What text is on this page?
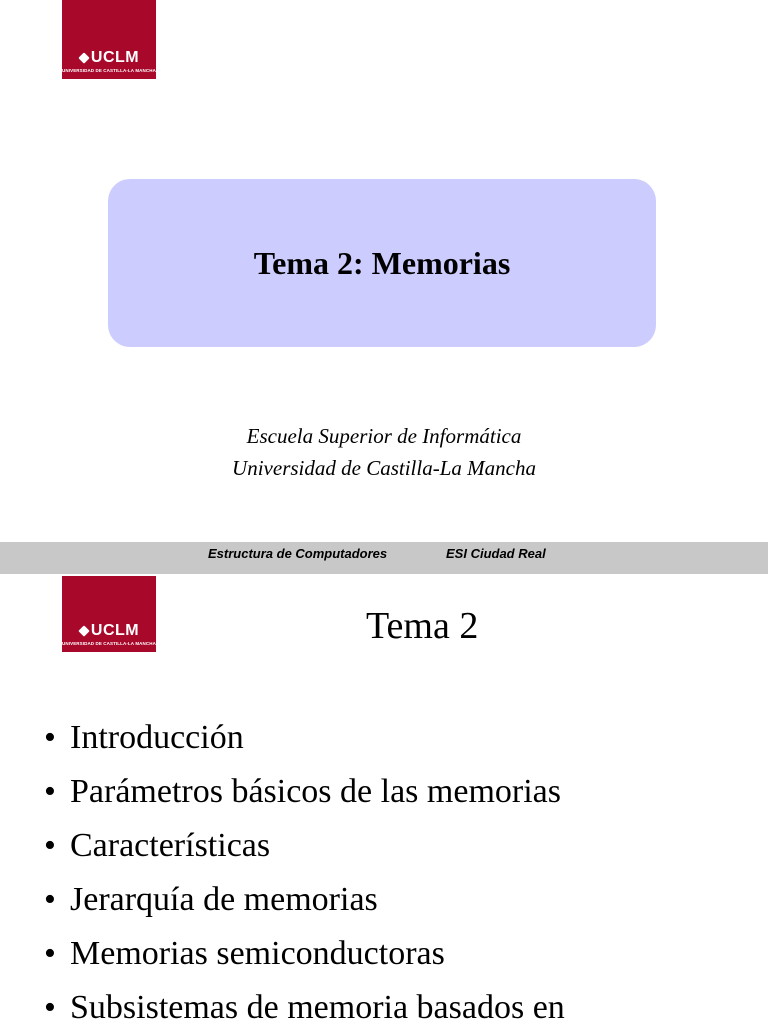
UCLM
UNIVERSIDAD DE CASTILLA-LA MANCHA
Tema 2: Memorias
Escuela Superior de Informática
Universidad de Castilla-La Mancha
Estructura de Computadores	ESI Ciudad Real
UCLM
UNIVERSIDAD DE CASTILLA-LA MANCHA	Tema 2
• Introducción
• Parámetros básicos de las memorias
• Características
• Jerarquía de memorias
• Memorias semiconductoras
• Subsistemas de memoria basados en
